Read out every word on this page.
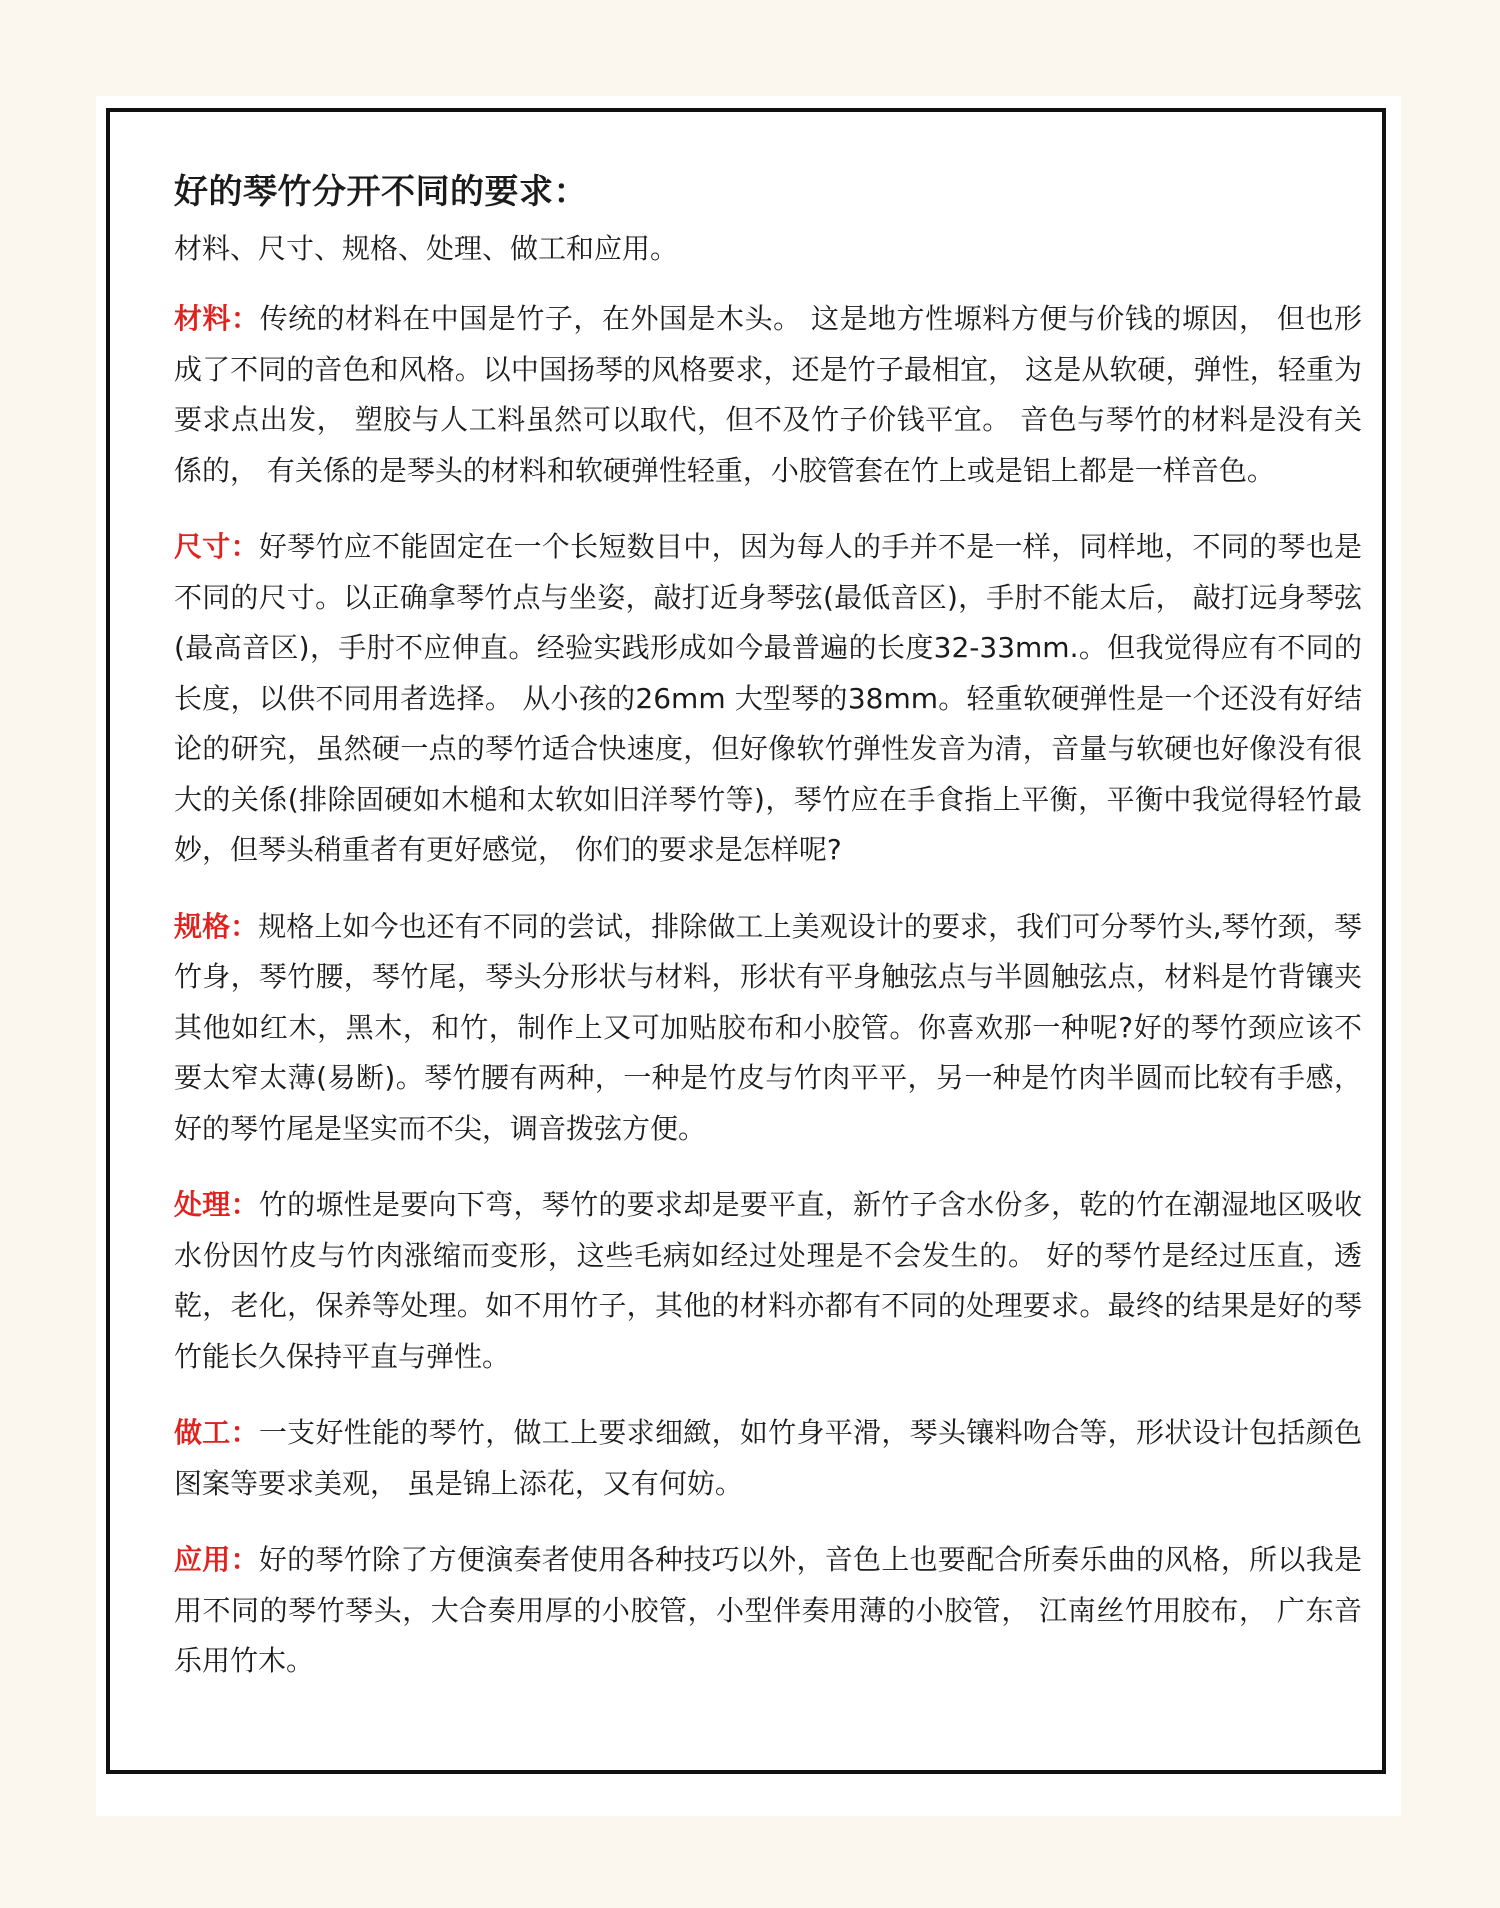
好的琴竹分开不同的要求：

材料、尺寸、规格、处理、做工和应用。

材料：传统的材料在中国是竹子，在外国是木头。 这是地方性塬料方便与价钱的塬因， 但也形成了不同的音色和风格。以中国扬琴的风格要求，还是竹子最相宜， 这是从软硬，弹性，轻重为要求点出发， 塑胶与人工料虽然可以取代，但不及竹子价钱平宜。 音色与琴竹的材料是没有关係的， 有关係的是琴头的材料和软硬弹性轻重，小胶管套在竹上或是铝上都是一样音色。

尺寸：好琴竹应不能固定在一个长短数目中，因为每人的手并不是一样，同样地，不同的琴也是不同的尺寸。以正确拿琴竹点与坐姿，敲打近身琴弦(最低音区)，手肘不能太后， 敲打远身琴弦(最高音区)，手肘不应伸直。经验实践形成如今最普遍的长度32-33mm.。但我觉得应有不同的长度，以供不同用者选择。 从小孩的26mm 大型琴的38mm。轻重软硬弹性是一个还没有好结论的研究，虽然硬一点的琴竹适合快速度，但好像软竹弹性发音为清，音量与软硬也好像没有很大的关係(排除固硬如木槌和太软如旧洋琴竹等)，琴竹应在手食指上平衡，平衡中我觉得轻竹最妙，但琴头稍重者有更好感觉， 你们的要求是怎样呢?

规格：规格上如今也还有不同的尝试，排除做工上美观设计的要求，我们可分琴竹头,琴竹颈，琴竹身，琴竹腰，琴竹尾，琴头分形状与材料，形状有平身触弦点与半圆触弦点，材料是竹背镶夹其他如红木，黑木，和竹，制作上又可加贴胶布和小胶管。你喜欢那一种呢?好的琴竹颈应该不要太窄太薄(易断)。琴竹腰有两种，一种是竹皮与竹肉平平，另一种是竹肉半圆而比较有手感，好的琴竹尾是坚实而不尖，调音拨弦方便。

处理：竹的塬性是要向下弯，琴竹的要求却是要平直，新竹子含水份多，乾的竹在潮湿地区吸收水份因竹皮与竹肉涨缩而变形，这些毛病如经过处理是不会发生的。 好的琴竹是经过压直，透乾，老化，保养等处理。如不用竹子，其他的材料亦都有不同的处理要求。最终的结果是好的琴竹能长久保持平直与弹性。

做工：一支好性能的琴竹，做工上要求细緻，如竹身平滑，琴头镶料吻合等，形状设计包括颜色图案等要求美观， 虽是锦上添花，又有何妨。

应用：好的琴竹除了方便演奏者使用各种技巧以外，音色上也要配合所奏乐曲的风格，所以我是用不同的琴竹琴头，大合奏用厚的小胶管，小型伴奏用薄的小胶管， 江南丝竹用胶布， 广东音乐用竹木。
